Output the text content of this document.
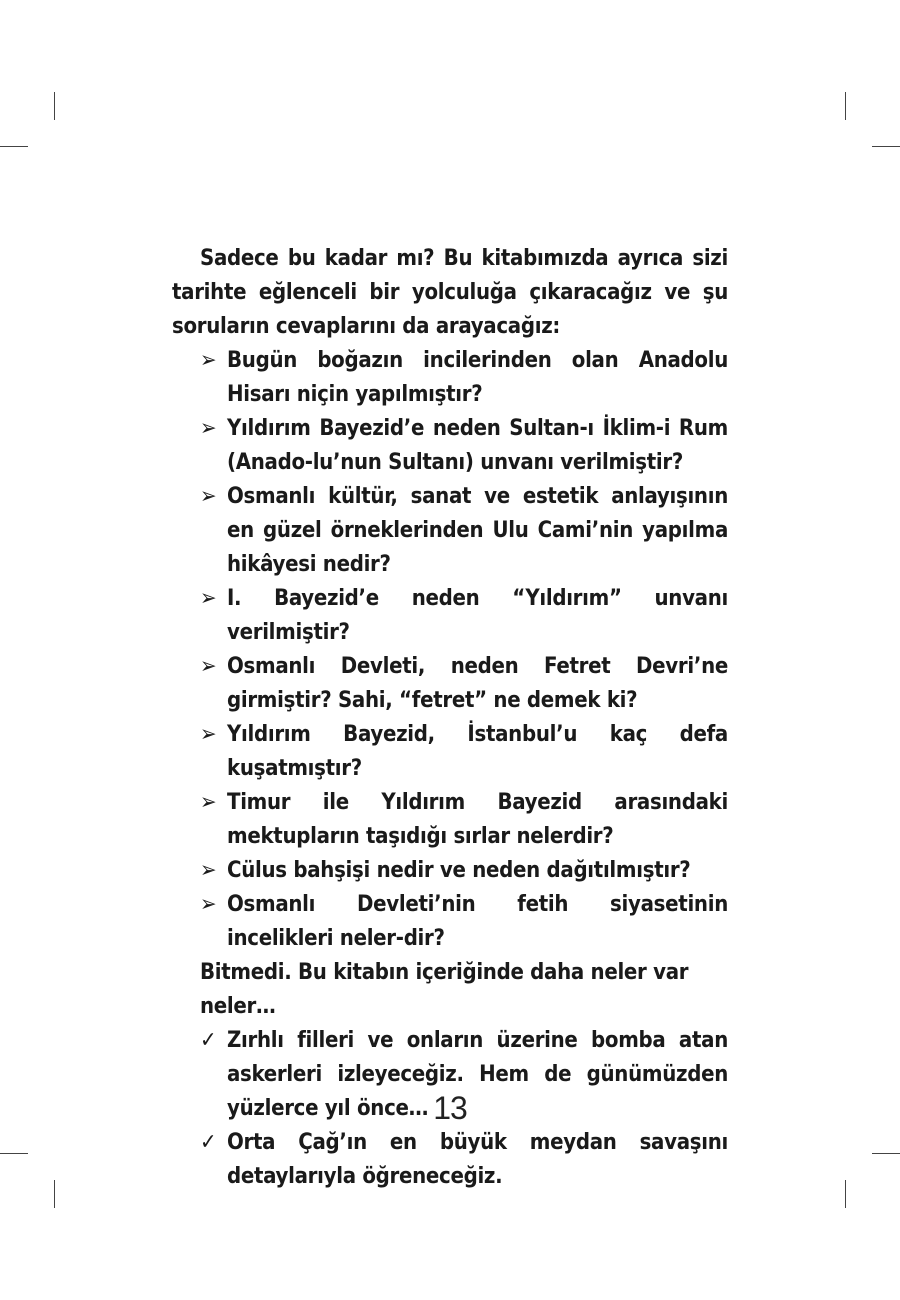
Sadece bu kadar mı? Bu kitabımızda ayrıca sizi tarihte eğlenceli bir yolculuğa çıkaracağız ve şu soruların cevaplarını da arayacağız:

➢ Bugün boğazın incilerinden olan Anadolu Hisarı niçin yapılmıştır?
➢ Yıldırım Bayezid’e neden Sultan-ı İklim-i Rum (Anado-lu’nun Sultanı) unvanı verilmiştir?
➢ Osmanlı kültür, sanat ve estetik anlayışının en güzel örneklerinden Ulu Cami’nin yapılma hikâyesi nedir?
➢ I. Bayezid’e neden “Yıldırım” unvanı verilmiştir?
➢ Osmanlı Devleti, neden Fetret Devri’ne girmiştir? Sahi, “fetret” ne demek ki?
➢ Yıldırım Bayezid, İstanbul’u kaç defa kuşatmıştır?
➢ Timur ile Yıldırım Bayezid arasındaki mektupların taşıdığı sırlar nelerdir?
➢ Cülus bahşişi nedir ve neden dağıtılmıştır?
➢ Osmanlı Devleti’nin fetih siyasetinin incelikleri neler-dir?

Bitmedi. Bu kitabın içeriğinde daha neler var neler…

✓ Zırhlı filleri ve onların üzerine bomba atan askerleri izleyeceğiz. Hem de günümüzden yüzlerce yıl önce…
✓ Orta Çağ’ın en büyük meydan savaşını detaylarıyla öğreneceğiz.
13
